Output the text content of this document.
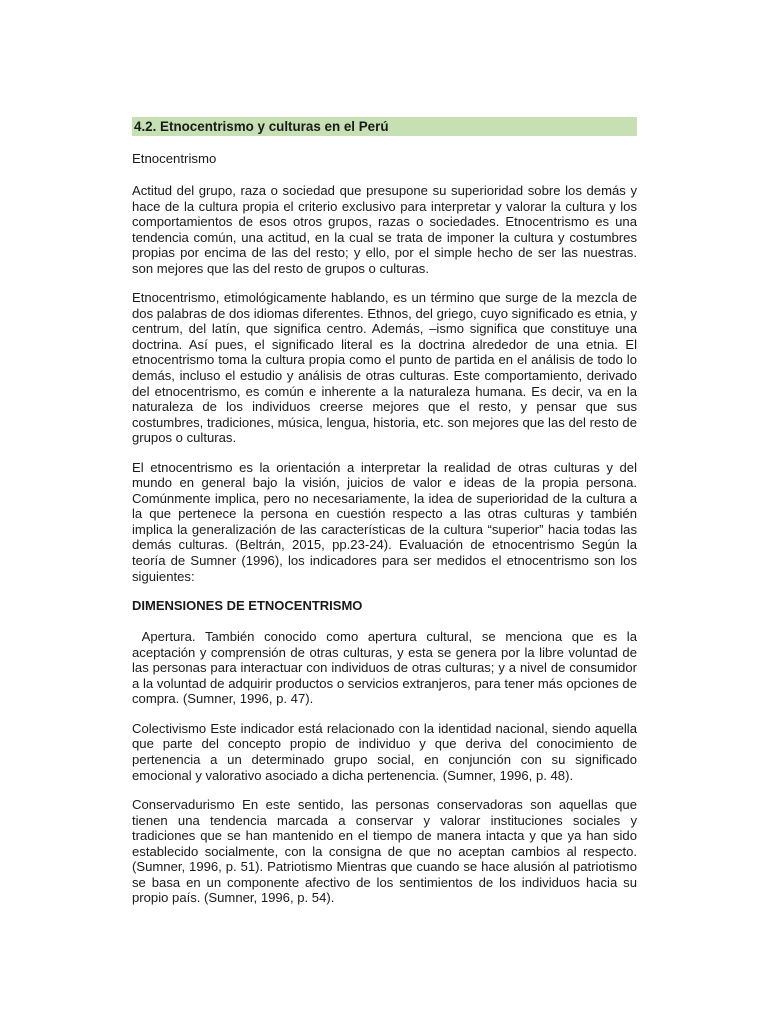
4.2. Etnocentrismo y culturas en el Perú
Etnocentrismo

Actitud del grupo, raza o sociedad que presupone su superioridad sobre los demás y hace de la cultura propia el criterio exclusivo para interpretar y valorar la cultura y los comportamientos de esos otros grupos, razas o sociedades. Etnocentrismo es una tendencia común, una actitud, en la cual se trata de imponer la cultura y costumbres propias por encima de las del resto; y ello, por el simple hecho de ser las nuestras. son mejores que las del resto de grupos o culturas.

Etnocentrismo, etimológicamente hablando, es un término que surge de la mezcla de dos palabras de dos idiomas diferentes. Ethnos, del griego, cuyo significado es etnia, y centrum, del latín, que significa centro. Además, –ismo significa que constituye una doctrina. Así pues, el significado literal es la doctrina alrededor de una etnia. El etnocentrismo toma la cultura propia como el punto de partida en el análisis de todo lo demás, incluso el estudio y análisis de otras culturas. Este comportamiento, derivado del etnocentrismo, es común e inherente a la naturaleza humana. Es decir, va en la naturaleza de los individuos creerse mejores que el resto, y pensar que sus costumbres, tradiciones, música, lengua, historia, etc. son mejores que las del resto de grupos o culturas.

El etnocentrismo es la orientación a interpretar la realidad de otras culturas y del mundo en general bajo la visión, juicios de valor e ideas de la propia persona. Comúnmente implica, pero no necesariamente, la idea de superioridad de la cultura a la que pertenece la persona en cuestión respecto a las otras culturas y también implica la generalización de las características de la cultura “superior” hacia todas las demás culturas. (Beltrán, 2015, pp.23-24). Evaluación de etnocentrismo Según la teoría de Sumner (1996), los indicadores para ser medidos el etnocentrismo son los siguientes:

DIMENSIONES DE ETNOCENTRISMO

Apertura. También conocido como apertura cultural, se menciona que es la aceptación y comprensión de otras culturas, y esta se genera por la libre voluntad de las personas para interactuar con individuos de otras culturas; y a nivel de consumidor a la voluntad de adquirir productos o servicios extranjeros, para tener más opciones de compra. (Sumner, 1996, p. 47).

Colectivismo Este indicador está relacionado con la identidad nacional, siendo aquella que parte del concepto propio de individuo y que deriva del conocimiento de pertenencia a un determinado grupo social, en conjunción con su significado emocional y valorativo asociado a dicha pertenencia. (Sumner, 1996, p. 48).

Conservadurismo En este sentido, las personas conservadoras son aquellas que tienen una tendencia marcada a conservar y valorar instituciones sociales y tradiciones que se han mantenido en el tiempo de manera intacta y que ya han sido establecido socialmente, con la consigna de que no aceptan cambios al respecto. (Sumner, 1996, p. 51). Patriotismo Mientras que cuando se hace alusión al patriotismo se basa en un componente afectivo de los sentimientos de los individuos hacia su propio país. (Sumner, 1996, p. 54).
